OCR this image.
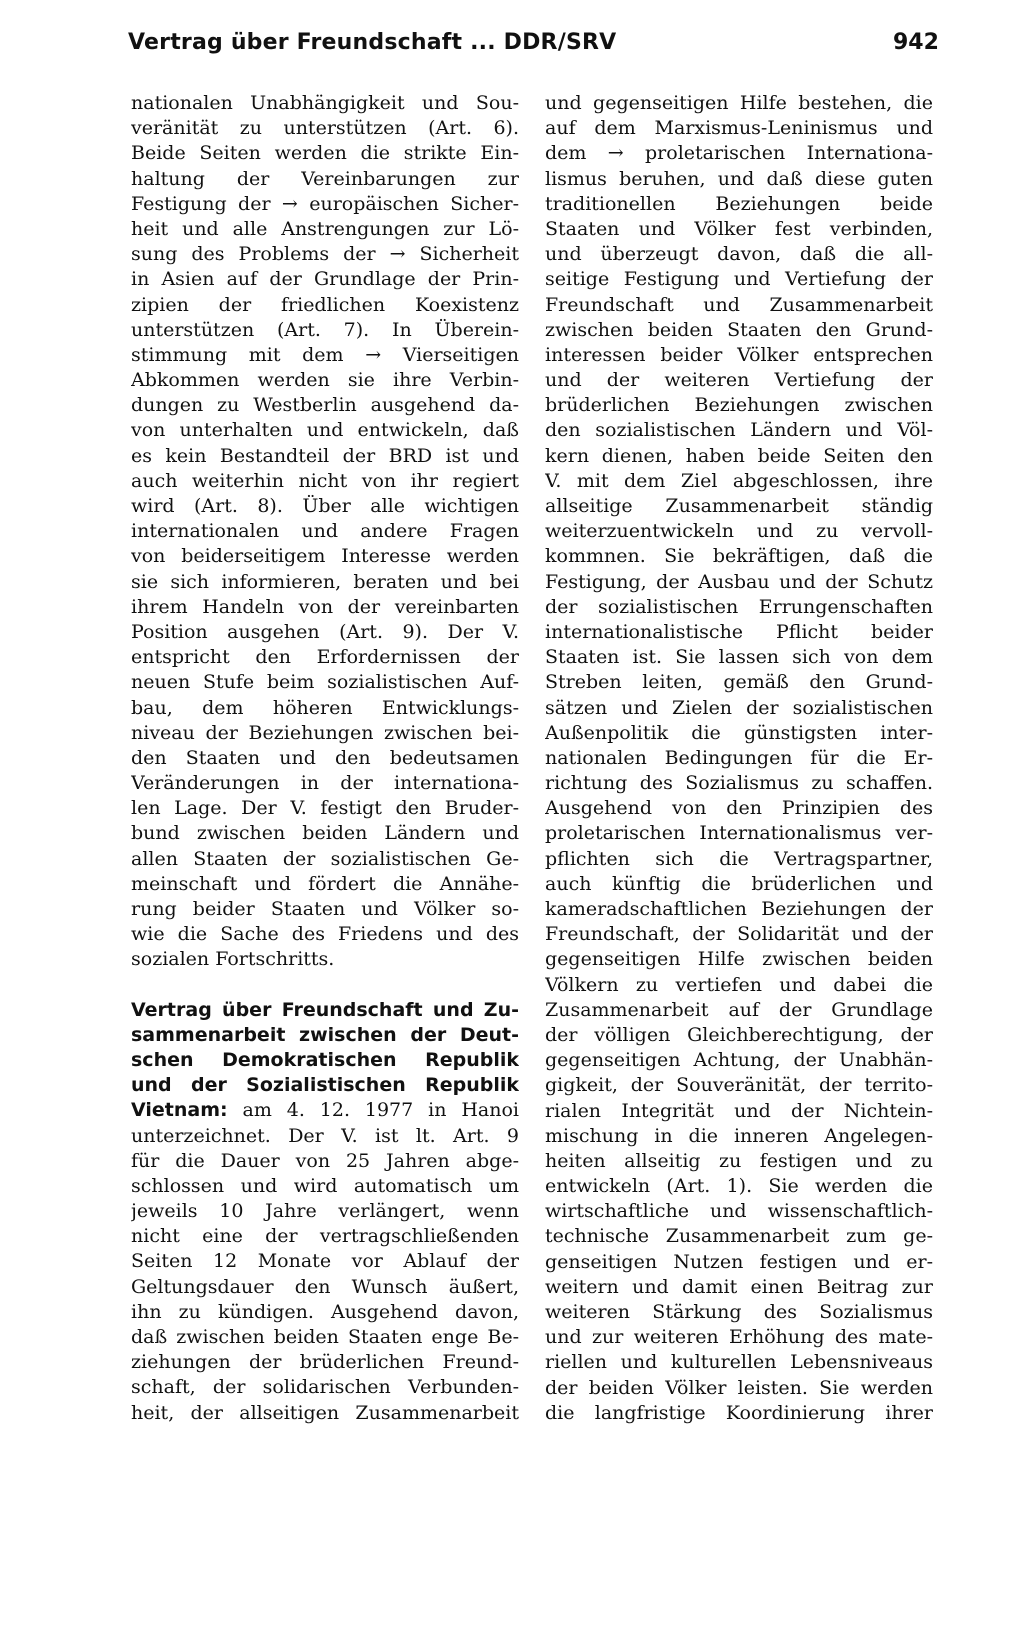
Vertrag über Freundschaft ... DDR/SRV	942
nationalen Unabhängigkeit und Sou-
veränität zu unterstützen (Art. 6).
Beide Seiten werden die strikte Ein-
haltung der Vereinbarungen zur
Festigung der → europäischen Sicher-
heit und alle Anstrengungen zur Lö-
sung des Problems der → Sicherheit
in Asien auf der Grundlage der Prin-
zipien der friedlichen Koexistenz
unterstützen (Art. 7). In Überein-
stimmung mit dem → Vierseitigen
Abkommen werden sie ihre Verbin-
dungen zu Westberlin ausgehend da-
von unterhalten und entwickeln, daß
es kein Bestandteil der BRD ist und
auch weiterhin nicht von ihr regiert
wird (Art. 8). Über alle wichtigen
internationalen und andere Fragen
von beiderseitigem Interesse werden
sie sich informieren, beraten und bei
ihrem Handeln von der vereinbarten
Position ausgehen (Art. 9). Der V.
entspricht den Erfordernissen der
neuen Stufe beim sozialistischen Auf-
bau, dem höheren Entwicklungs-
niveau der Beziehungen zwischen bei-
den Staaten und den bedeutsamen
Veränderungen in der internationa-
len Lage. Der V. festigt den Bruder-
bund zwischen beiden Ländern und
allen Staaten der sozialistischen Ge-
meinschaft und fördert die Annähe-
rung beider Staaten und Völker so-
wie die Sache des Friedens und des
sozialen Fortschritts.
Vertrag über Freundschaft und Zu-
sammenarbeit zwischen der Deut-
schen Demokratischen Republik
und der Sozialistischen Republik
Vietnam: am 4. 12. 1977 in Hanoi
unterzeichnet. Der V. ist lt. Art. 9
für die Dauer von 25 Jahren abge-
schlossen und wird automatisch um
jeweils 10 Jahre verlängert, wenn
nicht eine der vertragschließenden
Seiten 12 Monate vor Ablauf der
Geltungsdauer den Wunsch äußert,
ihn zu kündigen. Ausgehend davon,
daß zwischen beiden Staaten enge Be-
ziehungen der brüderlichen Freund-
schaft, der solidarischen Verbunden-
heit, der allseitigen Zusammenarbeit
und gegenseitigen Hilfe bestehen, die
auf dem Marxismus-Leninismus und
dem → proletarischen Internationa-
lismus beruhen, und daß diese guten
traditionellen Beziehungen beide
Staaten und Völker fest verbinden,
und überzeugt davon, daß die all-
seitige Festigung und Vertiefung der
Freundschaft und Zusammenarbeit
zwischen beiden Staaten den Grund-
interessen beider Völker entsprechen
und der weiteren Vertiefung der
brüderlichen Beziehungen zwischen
den sozialistischen Ländern und Völ-
kern dienen, haben beide Seiten den
V. mit dem Ziel abgeschlossen, ihre
allseitige Zusammenarbeit ständig
weiterzuentwickeln und zu vervoll-
kommnen. Sie bekräftigen, daß die
Festigung, der Ausbau und der Schutz
der sozialistischen Errungenschaften
internationalistische Pflicht beider
Staaten ist. Sie lassen sich von dem
Streben leiten, gemäß den Grund-
sätzen und Zielen der sozialistischen
Außenpolitik die günstigsten inter-
nationalen Bedingungen für die Er-
richtung des Sozialismus zu schaffen.
Ausgehend von den Prinzipien des
proletarischen Internationalismus ver-
pflichten sich die Vertragspartner,
auch künftig die brüderlichen und
kameradschaftlichen Beziehungen der
Freundschaft, der Solidarität und der
gegenseitigen Hilfe zwischen beiden
Völkern zu vertiefen und dabei die
Zusammenarbeit auf der Grundlage
der völligen Gleichberechtigung, der
gegenseitigen Achtung, der Unabhän-
gigkeit, der Souveränität, der territo-
rialen Integrität und der Nichtein-
mischung in die inneren Angelegen-
heiten allseitig zu festigen und zu
entwickeln (Art. 1). Sie werden die
wirtschaftliche und wissenschaftlich-
technische Zusammenarbeit zum ge-
genseitigen Nutzen festigen und er-
weitern und damit einen Beitrag zur
weiteren Stärkung des Sozialismus
und zur weiteren Erhöhung des mate-
riellen und kulturellen Lebensniveaus
der beiden Völker leisten. Sie werden
die langfristige Koordinierung ihrer
